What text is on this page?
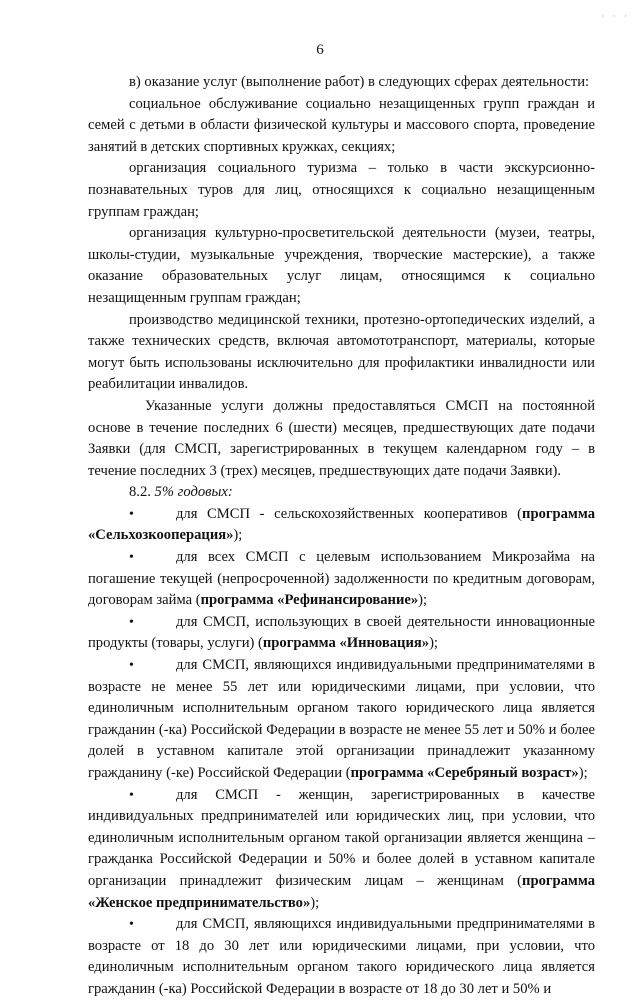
· · ·
6

в) оказание услуг (выполнение работ) в следующих сферах деятельности:

социальное обслуживание социально незащищенных групп граждан и семей с детьми в области физической культуры и массового спорта, проведение занятий в детских спортивных кружках, секциях;

организация социального туризма – только в части экскурсионно-познавательных туров для лиц, относящихся к социально незащищенным группам граждан;

организация культурно-просветительской деятельности (музеи, театры, школы-студии, музыкальные учреждения, творческие мастерские), а также оказание образовательных услуг лицам, относящимся к социально незащищенным группам граждан;

производство медицинской техники, протезно-ортопедических изделий, а также технических средств, включая автомототранспорт, материалы, которые могут быть использованы исключительно для профилактики инвалидности или реабилитации инвалидов.

Указанные услуги должны предоставляться СМСП на постоянной основе в течение последних 6 (шести) месяцев, предшествующих дате подачи Заявки (для СМСП, зарегистрированных в текущем календарном году – в течение последних 3 (трех) месяцев, предшествующих дате подачи Заявки).

8.2. 5% годовых:

•для СМСП - сельскохозяйственных кооперативов (программа «Сельхозкооперация»);

•для всех СМСП с целевым использованием Микрозайма на погашение текущей (непросроченной) задолженности по кредитным договорам, договорам займа (программа «Рефинансирование»);

•для СМСП, использующих в своей деятельности инновационные продукты (товары, услуги) (программа «Инновация»);

•для СМСП, являющихся индивидуальными предпринимателями в возрасте не менее 55 лет или юридическими лицами, при условии, что единоличным исполнительным органом такого юридического лица является гражданин (-ка) Российской Федерации в возрасте не менее 55 лет и 50% и более долей в уставном капитале этой организации принадлежит указанному гражданину (-ке) Российской Федерации (программа «Серебряный возраст»);

•для СМСП - женщин, зарегистрированных в качестве индивидуальных предпринимателей или юридических лиц, при условии, что единоличным исполнительным органом такой организации является женщина – гражданка Российской Федерации и 50% и более долей в уставном капитале организации принадлежит физическим лицам – женщинам (программа «Женское предпринимательство»);

•для СМСП, являющихся индивидуальными предпринимателями в возрасте от 18 до 30 лет или юридическими лицами, при условии, что единоличным исполнительным органом такого юридического лица является гражданин (-ка) Российской Федерации в возрасте от 18 до 30 лет и 50% и
